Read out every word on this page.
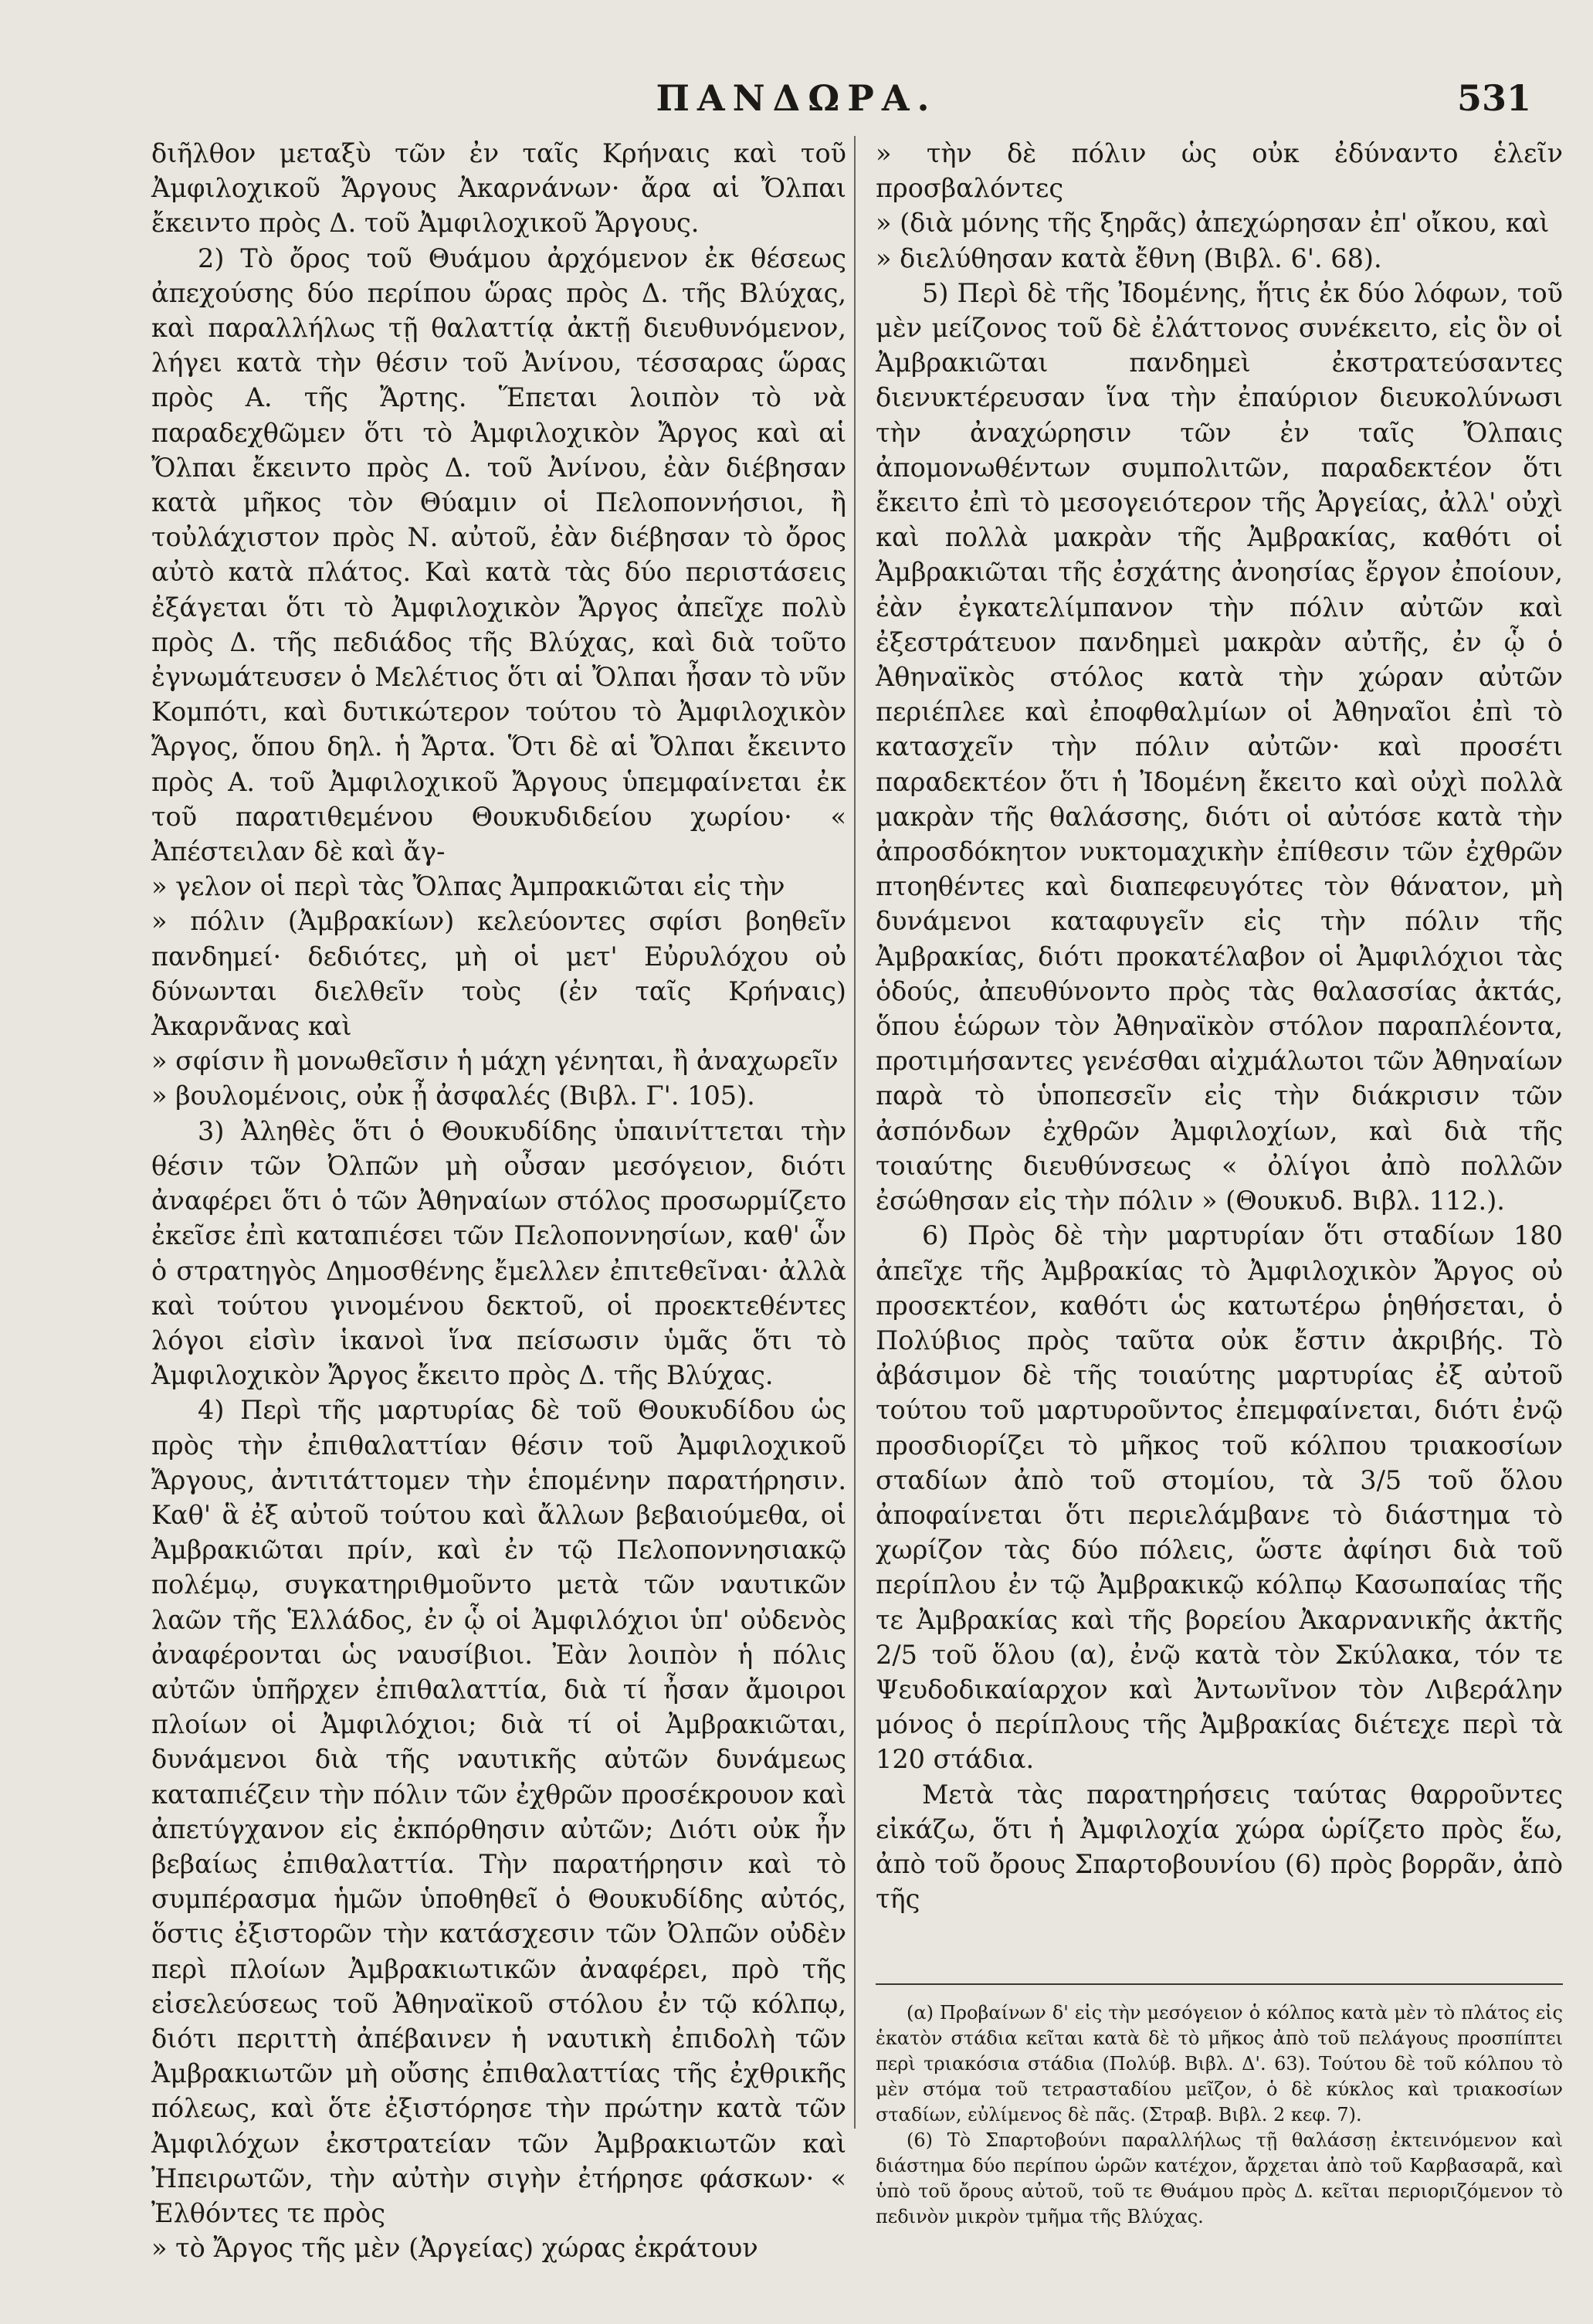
ΠΑΝΔΩΡΑ.	531

διῆλθον μεταξὺ τῶν ἐν ταῖς Κρήναις καὶ τοῦ Ἀμφιλοχικοῦ Ἄργους Ἀκαρνάνων· ἄρα αἱ Ὄλπαι ἔκειντο πρὸς Δ. τοῦ Ἀμφιλοχικοῦ Ἄργους.

2) Τὸ ὄρος τοῦ Θυάμου ἀρχόμενον ἐκ θέσεως ἀπεχούσης δύο περίπου ὥρας πρὸς Δ. τῆς Βλύχας, καὶ παραλλήλως τῇ θαλαττίᾳ ἀκτῇ διευθυνόμενον, λήγει κατὰ τὴν θέσιν τοῦ Ἀνίνου, τέσσαρας ὥρας πρὸς Α. τῆς Ἄρτης. Ἕπεται λοιπὸν τὸ νὰ παραδεχθῶμεν ὅτι τὸ Ἀμφιλοχικὸν Ἄργος καὶ αἱ Ὄλπαι ἔκειντο πρὸς Δ. τοῦ Ἀνίνου, ἐὰν διέβησαν κατὰ μῆκος τὸν Θύαμιν οἱ Πελοποννήσιοι, ἢ τοὐλάχιστον πρὸς Ν. αὐτοῦ, ἐὰν διέβησαν τὸ ὄρος αὐτὸ κατὰ πλάτος. Καὶ κατὰ τὰς δύο περιστάσεις ἐξάγεται ὅτι τὸ Ἀμφιλοχικὸν Ἄργος ἀπεῖχε πολὺ πρὸς Δ. τῆς πεδιάδος τῆς Βλύχας, καὶ διὰ τοῦτο ἐγνωμάτευσεν ὁ Μελέτιος ὅτι αἱ Ὄλπαι ἦσαν τὸ νῦν Κομπότι, καὶ δυτικώτερον τούτου τὸ Ἀμφιλοχικὸν Ἄργος, ὅπου δηλ. ἡ Ἄρτα. Ὅτι δὲ αἱ Ὄλπαι ἔκειντο πρὸς Α. τοῦ Ἀμφιλοχικοῦ Ἄργους ὑπεμφαίνεται ἐκ τοῦ παρατιθεμένου Θουκυδιδείου χωρίου· « Ἀπέστειλαν δὲ καὶ ἄγ-

» γελον οἱ περὶ τὰς Ὄλπας Ἀμπρακιῶται εἰς τὴν

» πόλιν (Ἀμβρακίων) κελεύοντες σφίσι βοηθεῖν πανδημεί· δεδιότες, μὴ οἱ μετ' Εὐρυλόχου οὐ δύνωνται διελθεῖν τοὺς (ἐν ταῖς Κρήναις) Ἀκαρνᾶνας καὶ

» σφίσιν ἢ μονωθεῖσιν ἡ μάχη γένηται, ἢ ἀναχωρεῖν

» βουλομένοις, οὐκ ᾖ ἀσφαλές (Βιβλ. Γ'. 105).

3) Ἀληθὲς ὅτι ὁ Θουκυδίδης ὑπαινίττεται τὴν θέσιν τῶν Ὀλπῶν μὴ οὖσαν μεσόγειον, διότι ἀναφέρει ὅτι ὁ τῶν Ἀθηναίων στόλος προσωρμίζετο ἐκεῖσε ἐπὶ καταπιέσει τῶν Πελοποννησίων, καθ' ὧν ὁ στρατηγὸς Δημοσθένης ἔμελλεν ἐπιτεθεῖναι· ἀλλὰ καὶ τούτου γινομένου δεκτοῦ, οἱ προεκτεθέντες λόγοι εἰσὶν ἱκανοὶ ἵνα πείσωσιν ὑμᾶς ὅτι τὸ Ἀμφιλοχικὸν Ἄργος ἔκειτο πρὸς Δ. τῆς Βλύχας.

4) Περὶ τῆς μαρτυρίας δὲ τοῦ Θουκυδίδου ὡς πρὸς τὴν ἐπιθαλαττίαν θέσιν τοῦ Ἀμφιλοχικοῦ Ἄργους, ἀντιτάττομεν τὴν ἑπομένην παρατήρησιν. Καθ' ἃ ἐξ αὐτοῦ τούτου καὶ ἄλλων βεβαιούμεθα, οἱ Ἀμβρακιῶται πρίν, καὶ ἐν τῷ Πελοποννησιακῷ πολέμῳ, συγκατηριθμοῦντο μετὰ τῶν ναυτικῶν λαῶν τῆς Ἑλλάδος, ἐν ᾧ οἱ Ἀμφιλόχιοι ὑπ' οὐδενὸς ἀναφέρονται ὡς ναυσίβιοι. Ἐὰν λοιπὸν ἡ πόλις αὐτῶν ὑπῆρχεν ἐπιθαλαττία, διὰ τί ἦσαν ἄμοιροι πλοίων οἱ Ἀμφιλόχιοι; διὰ τί οἱ Ἀμβρακιῶται, δυνάμενοι διὰ τῆς ναυτικῆς αὐτῶν δυνάμεως καταπιέζειν τὴν πόλιν τῶν ἐχθρῶν προσέκρουον καὶ ἀπετύγχανον εἰς ἐκπόρθησιν αὐτῶν; Διότι οὐκ ἦν βεβαίως ἐπιθαλαττία. Τὴν παρατήρησιν καὶ τὸ συμπέρασμα ἡμῶν ὑποθηθεῖ ὁ Θουκυδίδης αὐτός, ὅστις ἐξιστορῶν τὴν κατάσχεσιν τῶν Ὀλπῶν οὐδὲν περὶ πλοίων Ἀμβρακιωτικῶν ἀναφέρει, πρὸ τῆς εἰσελεύσεως τοῦ Ἀθηναϊκοῦ στόλου ἐν τῷ κόλπῳ, διότι περιττὴ ἀπέβαινεν ἡ ναυτικὴ ἐπιδολὴ τῶν Ἀμβρακιωτῶν μὴ οὔσης ἐπιθαλαττίας τῆς ἐχθρικῆς πόλεως, καὶ ὅτε ἐξιστόρησε τὴν πρώτην κατὰ τῶν Ἀμφιλόχων ἐκστρατείαν τῶν Ἀμβρακιωτῶν καὶ Ἠπειρωτῶν, τὴν αὐτὴν σιγὴν ἐτήρησε φάσκων· « Ἐλθόντες τε πρὸς

» τὸ Ἄργος τῆς μὲν (Ἀργείας) χώρας ἐκράτουν

» τὴν δὲ πόλιν ὡς οὐκ ἐδύναντο ἑλεῖν προσβαλόντες

» (διὰ μόνης τῆς ξηρᾶς) ἀπεχώρησαν ἐπ' οἴκου, καὶ

» διελύθησαν κατὰ ἔθνη (Βιβλ. 6'. 68).

5) Περὶ δὲ τῆς Ἰδομένης, ἥτις ἐκ δύο λόφων, τοῦ μὲν μείζονος τοῦ δὲ ἐλάττονος συνέκειτο, εἰς ὃν οἱ Ἀμβρακιῶται πανδημεὶ ἐκστρατεύσαντες διενυκτέρευσαν ἵνα τὴν ἐπαύριον διευκολύνωσι τὴν ἀναχώρησιν τῶν ἐν ταῖς Ὄλπαις ἀπομονωθέντων συμπολιτῶν, παραδεκτέον ὅτι ἔκειτο ἐπὶ τὸ μεσογειότερον τῆς Ἀργείας, ἀλλ' οὐχὶ καὶ πολλὰ μακρὰν τῆς Ἀμβρακίας, καθότι οἱ Ἀμβρακιῶται τῆς ἐσχάτης ἀνοησίας ἔργον ἐποίουν, ἐὰν ἐγκατελίμπανον τὴν πόλιν αὐτῶν καὶ ἐξεστράτευον πανδημεὶ μακρὰν αὐτῆς, ἐν ᾧ ὁ Ἀθηναϊκὸς στόλος κατὰ τὴν χώραν αὐτῶν περιέπλεε καὶ ἐποφθαλμίων οἱ Ἀθηναῖοι ἐπὶ τὸ κατασχεῖν τὴν πόλιν αὐτῶν· καὶ προσέτι παραδεκτέον ὅτι ἡ Ἰδομένη ἔκειτο καὶ οὐχὶ πολλὰ μακρὰν τῆς θαλάσσης, διότι οἱ αὐτόσε κατὰ τὴν ἀπροσδόκητον νυκτομαχικὴν ἐπίθεσιν τῶν ἐχθρῶν πτοηθέντες καὶ διαπεφευγότες τὸν θάνατον, μὴ δυνάμενοι καταφυγεῖν εἰς τὴν πόλιν τῆς Ἀμβρακίας, διότι προκατέλαβον οἱ Ἀμφιλόχιοι τὰς ὁδούς, ἀπευθύνοντο πρὸς τὰς θαλασσίας ἀκτάς, ὅπου ἑώρων τὸν Ἀθηναϊκὸν στόλον παραπλέοντα, προτιμήσαντες γενέσθαι αἰχμάλωτοι τῶν Ἀθηναίων παρὰ τὸ ὑποπεσεῖν εἰς τὴν διάκρισιν τῶν ἀσπόνδων ἐχθρῶν Ἀμφιλοχίων, καὶ διὰ τῆς τοιαύτης διευθύνσεως « ὀλίγοι ἀπὸ πολλῶν ἐσώθησαν εἰς τὴν πόλιν » (Θουκυδ. Βιβλ. 112.).

6) Πρὸς δὲ τὴν μαρτυρίαν ὅτι σταδίων 180 ἀπεῖχε τῆς Ἀμβρακίας τὸ Ἀμφιλοχικὸν Ἄργος οὐ προσεκτέον, καθότι ὡς κατωτέρω ῥηθήσεται, ὁ Πολύβιος πρὸς ταῦτα οὐκ ἔστιν ἀκριβής. Τὸ ἀβάσιμον δὲ τῆς τοιαύτης μαρτυρίας ἐξ αὐτοῦ τούτου τοῦ μαρτυροῦντος ἐπεμφαίνεται, διότι ἐνῷ προσδιορίζει τὸ μῆκος τοῦ κόλπου τριακοσίων σταδίων ἀπὸ τοῦ στομίου, τὰ 3/5 τοῦ ὅλου ἀποφαίνεται ὅτι περιελάμβανε τὸ διάστημα τὸ χωρίζον τὰς δύο πόλεις, ὥστε ἀφίησι διὰ τοῦ περίπλου ἐν τῷ Ἀμβρακικῷ κόλπῳ Κασωπαίας τῆς τε Ἀμβρακίας καὶ τῆς βορείου Ἀκαρνανικῆς ἀκτῆς 2/5 τοῦ ὅλου (α), ἐνῷ κατὰ τὸν Σκύλακα, τόν τε Ψευδοδικαίαρχον καὶ Ἀντωνῖνον τὸν Λιβεράλην μόνος ὁ περίπλους τῆς Ἀμβρακίας διέτεχε περὶ τὰ 120 στάδια.

Μετὰ τὰς παρατηρήσεις ταύτας θαρροῦντες εἰκάζω, ὅτι ἡ Ἀμφιλοχία χώρα ὡρίζετο πρὸς ἕω, ἀπὸ τοῦ ὄρους Σπαρτοβουνίου (6) πρὸς βορρᾶν, ἀπὸ τῆς

(α) Προβαίνων δ' εἰς τὴν μεσόγειον ὁ κόλπος κατὰ μὲν τὸ πλάτος εἰς ἑκατὸν στάδια κεῖται κατὰ δὲ τὸ μῆκος ἀπὸ τοῦ πελάγους προσπίπτει περὶ τριακόσια στάδια (Πολύβ. Βιβλ. Δ'. 63). Τούτου δὲ τοῦ κόλπου τὸ μὲν στόμα τοῦ τετρασταδίου μεῖζον, ὁ δὲ κύκλος καὶ τριακοσίων σταδίων, εὐλίμενος δὲ πᾶς. (Στραβ. Βιβλ. 2 κεφ. 7).

(6) Τὸ Σπαρτοβούνι παραλλήλως τῇ θαλάσσῃ ἐκτεινόμενον καὶ διάστημα δύο περίπου ὡρῶν κατέχον, ἄρχεται ἀπὸ τοῦ Καρβασαρᾶ, καὶ ὑπὸ τοῦ ὄρους αὐτοῦ, τοῦ τε Θυάμου πρὸς Δ. κεῖται περιοριζόμενον τὸ πεδινὸν μικρὸν τμῆμα τῆς Βλύχας.
